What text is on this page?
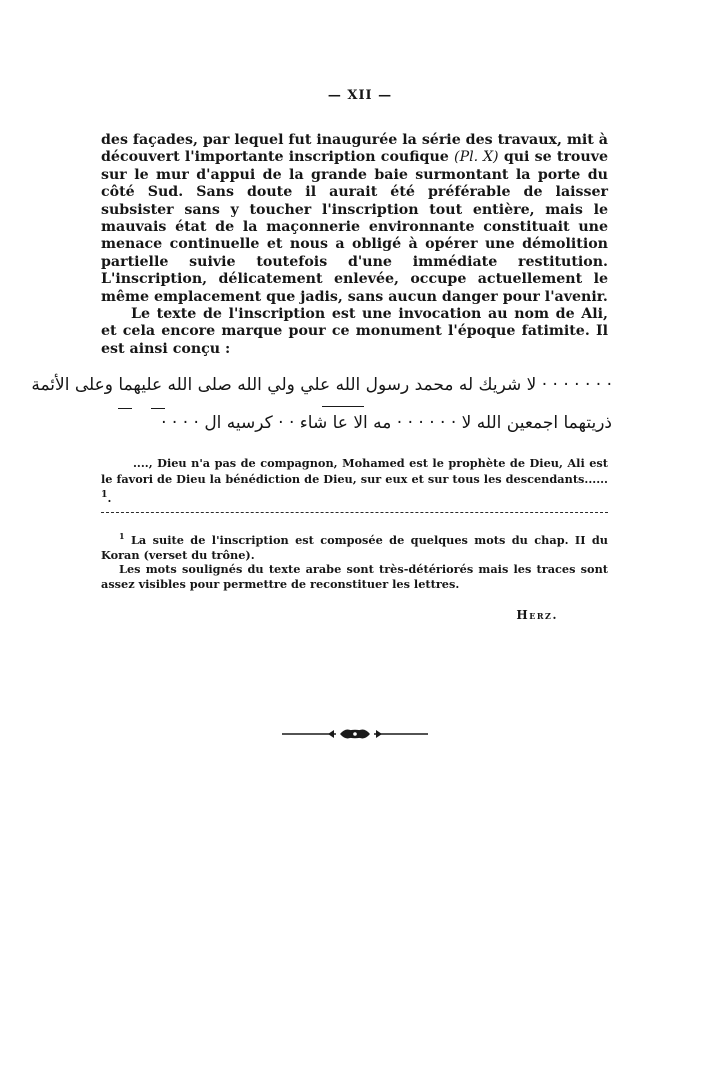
— XII —

des façades, par lequel fut inaugurée la série des travaux, mit à découvert l'importante inscription coufique (Pl. X) qui se trouve sur le mur d'appui de la grande baie surmontant la porte du côté Sud. Sans doute il aurait été préférable de laisser subsister sans y toucher l'inscription tout entière, mais le mauvais état de la maçonnerie environnante constituait une menace continuelle et nous a obligé à opérer une démolition partielle suivie toutefois d'une immédiate restitution. L'inscription, délicatement enlevée, occupe actuellement le même emplacement que jadis, sans aucun danger pour l'avenir.

Le texte de l'inscription est une invocation au nom de Ali, et cela encore marque pour ce monument l'époque fatimite. Il est ainsi conçu :

· · · · · · · لا شريك له محمد رسول الله علي ولي الله صلى الله عليهما وعلى الأئمة
ذريتهما اجمعين الله لا · · · · · · مه الا عا شاء · · كرسيه ال · · · ·

...., Dieu n'a pas de compagnon, Mohamed est le prophète de Dieu, Ali est le favori de Dieu la bénédiction de Dieu, sur eux et sur tous les descendants...... $^1$.

$^1$ La suite de l'inscription est composée de quelques mots du chap. II du Koran (verset du trône).

Les mots soulignés du texte arabe sont très-détériorés mais les traces sont assez visibles pour permettre de reconstituer les lettres.

Herz.
